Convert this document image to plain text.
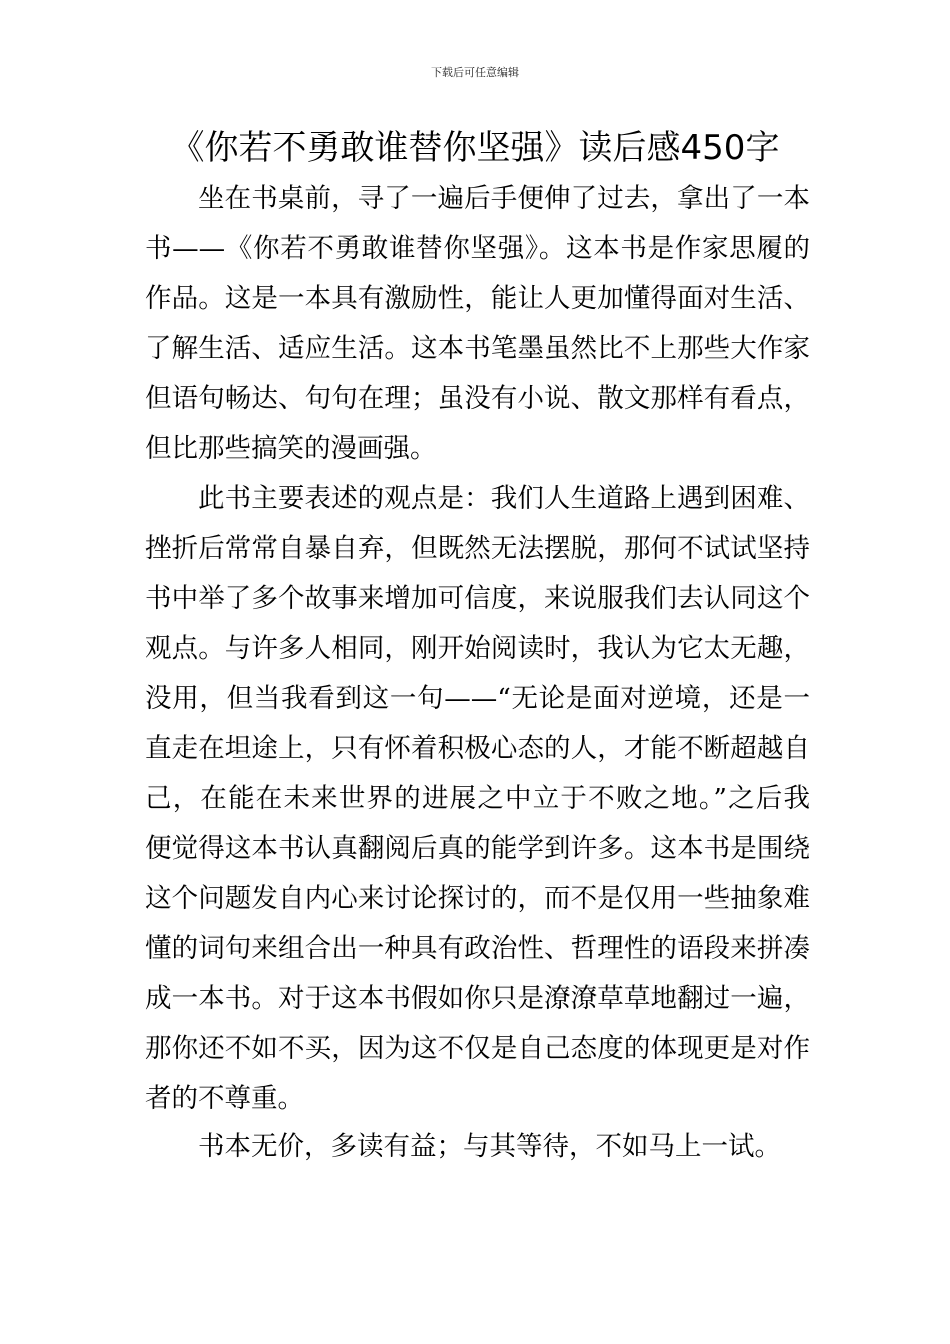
下载后可任意编辑
《你若不勇敢谁替你坚强》读后感450字
坐在书桌前，寻了一遍后手便伸了过去，拿出了一本
书——《你若不勇敢谁替你坚强》。这本书是作家思履的
作品。这是一本具有激励性，能让人更加懂得面对生活、
了解生活、适应生活。这本书笔墨虽然比不上那些大作家
但语句畅达、句句在理；虽没有小说、散文那样有看点，
但比那些搞笑的漫画强。
此书主要表述的观点是：我们人生道路上遇到困难、
挫折后常常自暴自弃，但既然无法摆脱，那何不试试坚持
书中举了多个故事来增加可信度，来说服我们去认同这个
观点。与许多人相同，刚开始阅读时，我认为它太无趣，
没用，但当我看到这一句——“无论是面对逆境，还是一
直走在坦途上，只有怀着积极心态的人，才能不断超越自
己，在能在未来世界的进展之中立于不败之地。”之后我
便觉得这本书认真翻阅后真的能学到许多。这本书是围绕
这个问题发自内心来讨论探讨的，而不是仅用一些抽象难
懂的词句来组合出一种具有政治性、哲理性的语段来拼凑
成一本书。对于这本书假如你只是潦潦草草地翻过一遍，
那你还不如不买，因为这不仅是自己态度的体现更是对作
者的不尊重。
书本无价，多读有益；与其等待，不如马上一试。
